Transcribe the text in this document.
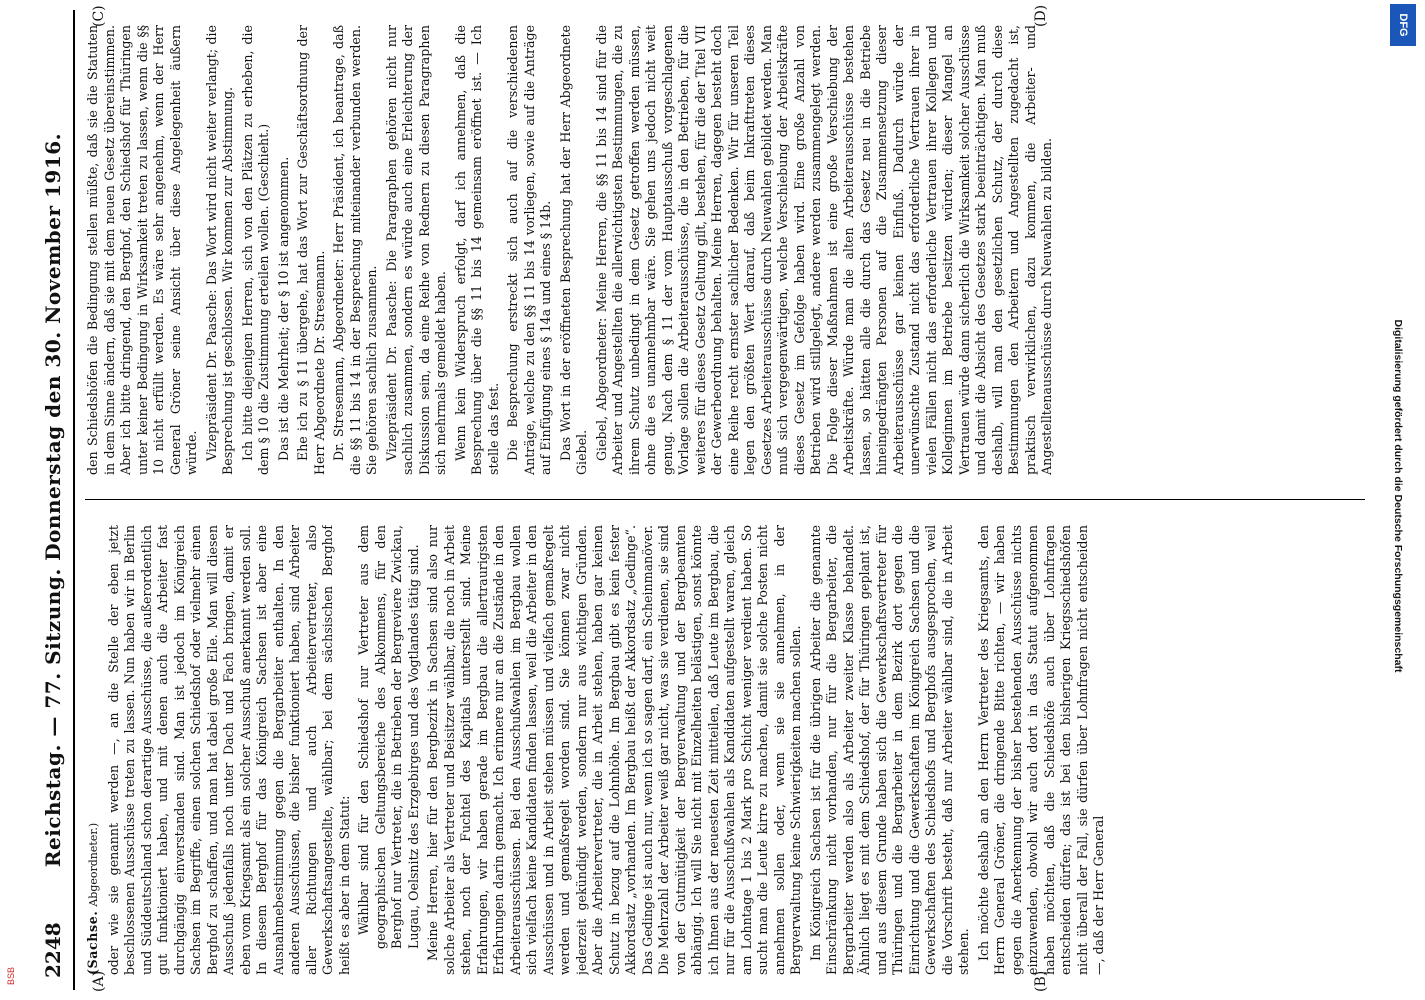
2248
Reichstag. — 77. Sitzung. Donnerstag den 30. November 1916.
(A)	(B)
(C)	(D)

(Sachse. Abgeordneter.) oder wie sie genannt werden —, an die Stelle der eben jetzt beschlossenen Ausschüsse treten zu lassen. Nun haben wir in Berlin und Süddeutschland schon derartige Ausschüsse, die außerordentlich gut funktioniert haben, und mit denen auch die Arbeiter fast durchgängig einverstanden sind. Man ist jedoch im Königreich Sachsen im Begriffe, einen solchen Schiedshof oder vielmehr einen Berghof zu schaffen, und man hat dabei große Eile. Man will diesen Ausschuß jedenfalls noch unter Dach und Fach bringen, damit er eben vom Kriegsamt als ein solcher Ausschuß anerkannt werden soll. In diesem Berghof für das Königreich Sachsen ist aber eine Ausnahmebestimmung gegen die Bergarbeiter enthalten. In den anderen Ausschüssen, die bisher funktioniert haben, sind Arbeiter aller Richtungen und auch Arbeitervertreter, also Gewerkschaftsangestellte, wählbar; bei dem sächsischen Berghof heißt es aber in dem Statut: Wählbar sind für den Schiedshof nur Vertreter aus dem geographischen Geltungsbereiche des Abkommens, für den Berghof nur Vertreter, die in Betrieben der Bergreviere Zwickau, Lugau, Oelsnitz des Erzgebirges und des Vogtlandes tätig sind. Meine Herren, hier für den Bergbezirk in Sachsen sind also nur solche Arbeiter als Vertreter und Beisitzer wählbar, die noch in Arbeit stehen, noch der Fuchtel des Kapitals unterstellt sind. Meine Erfahrungen, wir haben gerade im Bergbau die allertraurigsten Erfahrungen darin gemacht. Ich erinnere nur an die Zustände in den Arbeiterausschüssen. Bei den Ausschußwahlen im Bergbau wollen sich vielfach keine Kandidaten finden lassen, weil die Arbeiter in den Ausschüssen und in Arbeit stehen müssen und vielfach gemaßregelt werden und gemaßregelt worden sind. Sie können zwar nicht jederzeit gekündigt werden, sondern nur aus wichtigen Gründen. Aber die Arbeitervertreter, die in Arbeit stehen, haben gar keinen Schutz in bezug auf die Lohnhöhe. Im Bergbau gibt es kein fester Akkordsatz „vorhanden. Im Bergbau heißt der Akkordsatz „Gedinge“. Das Gedinge ist auch nur, wenn ich so sagen darf, ein Scheinmanöver. Die Mehrzahl der Arbeiter weiß gar nicht, was sie verdienen, sie sind von der Gutmütigkeit der Bergverwaltung und der Bergbeamten abhängig. Ich will Sie nicht mit Einzelheiten belästigen, sonst könnte ich Ihnen aus der neuesten Zeit mitteilen, daß Leute im Bergbau, die nur für die Ausschußwahlen als Kandidaten aufgestellt waren, gleich am Lohntage 1 bis 2 Mark pro Schicht weniger verdient haben. So sucht man die Leute kirre zu machen, damit sie solche Posten nicht annehmen sollen oder, wenn sie sie annehmen, in der Bergverwaltung keine Schwierigkeiten machen sollen. Im Königreich Sachsen ist für die übrigen Arbeiter die genannte Einschränkung nicht vorhanden, nur für die Bergarbeiter, die Bergarbeiter werden also als Arbeiter zweiter Klasse behandelt. Ähnlich liegt es mit dem Schiedshof, der für Thüringen geplant ist, und aus diesem Grunde haben sich die Gewerkschaftsvertreter für Thüringen und die Bergarbeiter in dem Bezirk dort gegen die Einrichtung und die Gewerkschaften im Königreich Sachsen und die Gewerkschaften des Schiedshofs und Berghofs ausgesprochen, weil die Vorschrift besteht, daß nur Arbeiter wählbar sind, die in Arbeit stehen. Ich möchte deshalb an den Herrn Vertreter des Kriegsamts, den Herrn General Gröner, die dringende Bitte richten, — wir haben gegen die Anerkennung der bisher bestehenden Ausschüsse nichts einzuwenden, obwohl wir auch dort in das Statut aufgenommen haben möchten, daß die Schiedshöfe auch über Lohnfragen entscheiden dürfen; das ist bei den bisherigen Kriegsschiedshöfen nicht überall der Fall, sie dürfen über Lohnfragen nicht entscheiden —, daß der Herr General

den Schiedshöfen die Bedingung stellen müßte, daß sie die Statuten in dem Sinne ändern, daß sie mit dem neuen Gesetz übereinstimmen. Aber ich bitte dringend, den Berghof, den Schiedshof für Thüringen unter keiner Bedingung in Wirksamkeit treten zu lassen, wenn die §§ 10 nicht erfüllt werden. Es wäre sehr angenehm, wenn der Herr General Gröner seine Ansicht über diese Angelegenheit äußern würde. Vizepräsident Dr. Paasche: Das Wort wird nicht weiter verlangt; die Besprechung ist geschlossen. Wir kommen zur Abstimmung. Ich bitte diejenigen Herren, sich von den Plätzen zu erheben, die dem § 10 die Zustimmung erteilen wollen. (Geschieht.) Das ist die Mehrheit; der § 10 ist angenommen. Ehe ich zu § 11 übergehe, hat das Wort zur Geschäftsordnung der Herr Abgeordnete Dr. Stresemann. Dr. Stresemann, Abgeordneter: Herr Präsident, ich beantrage, daß die §§ 11 bis 14 in der Besprechung miteinander verbunden werden. Sie gehören sachlich zusammen. Vizepräsident Dr. Paasche: Die Paragraphen gehören nicht nur sachlich zusammen, sondern es würde auch eine Erleichterung der Diskussion sein, da eine Reihe von Rednern zu diesen Paragraphen sich mehrmals gemeldet haben. Wenn kein Widerspruch erfolgt, darf ich annehmen, daß die Besprechung über die §§ 11 bis 14 gemeinsam eröffnet ist. — Ich stelle das fest. Die Besprechung erstreckt sich auch auf die verschiedenen Anträge, welche zu den §§ 11 bis 14 vorliegen, sowie auf die Anträge auf Einfügung eines § 14a und eines § 14b. Das Wort in der eröffneten Besprechung hat der Herr Abgeordnete Giebel. Giebel, Abgeordneter: Meine Herren, die §§ 11 bis 14 sind für die Arbeiter und Angestellten die allerwichtigsten Bestimmungen, die zu ihrem Schutz unbedingt in dem Gesetz getroffen werden müssen, ohne die es unannehmbar wäre. Sie gehen uns jedoch nicht weit genug. Nach dem § 11 der vom Hauptausschuß vorgeschlagenen Vorlage sollen die Arbeiterausschüsse, die in den Betrieben, für die weiteres für dieses Gesetz Geltung gilt, bestehen, für die der Titel VII der Gewerbeordnung behalten. Meine Herren, dagegen besteht doch eine Reihe recht ernster sachlicher Bedenken. Wir für unseren Teil legen den größten Wert darauf, daß beim Inkrafttreten dieses Gesetzes Arbeiterausschüsse durch Neuwahlen gebildet werden. Man muß sich vergegenwärtigen, welche Verschiebung der Arbeitskräfte dieses Gesetz im Gefolge haben wird. Eine große Anzahl von Betrieben wird stillgelegt, andere werden zusammengelegt werden. Die Folge dieser Maßnahmen ist eine große Verschiebung der Arbeitskräfte. Würde man die alten Arbeiterausschüsse bestehen lassen, so hätten alle die durch das Gesetz neu in die Betriebe hineingedrängten Personen auf die Zusammensetzung dieser Arbeiterausschüsse gar keinen Einfluß. Dadurch würde der unerwünschte Zustand nicht das erforderliche Vertrauen ihrer in vielen Fällen nicht das erforderliche Vertrauen ihrer Kollegen und Kolleginnen im Betriebe besitzen würden; dieser Mangel an Vertrauen würde dann sicherlich die Wirksamkeit solcher Ausschüsse und damit die Absicht des Gesetzes stark beeinträchtigen. Man muß deshalb, will man den gesetzlichen Schutz, der durch diese Bestimmungen den Arbeitern und Angestellten zugedacht ist, praktisch verwirklichen, dazu kommen, die Arbeiter- und Angestelltenausschüsse durch Neuwahlen zu bilden.

Digitalisierung gefördert durch die Deutsche Forschungsgemeinschaft
DFG
BSB
